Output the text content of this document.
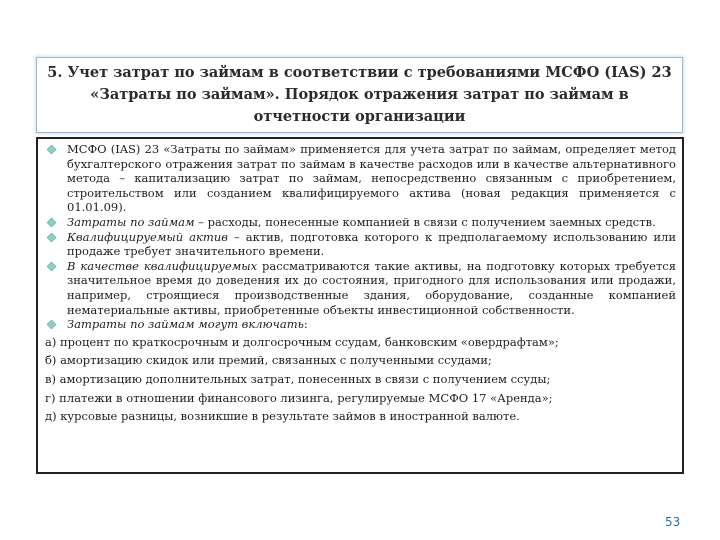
5. Учет затрат по займам в соответствии с требованиями МСФО (IAS) 23 «Затраты по займам». Порядок отражения затрат по займам в отчетности организации

МСФО (IAS) 23 «Затраты по займам» применяется для учета затрат по займам, определяет метод бухгалтерского отражения затрат по займам в качестве расходов или в качестве альтернативного метода – капитализацию затрат по займам, непосредственно связанным с приобретением, строительством или созданием квалифицируемого актива (новая редакция применяется с 01.01.09).

Затраты по займам – расходы, понесенные компанией в связи с получением заемных средств.

Квалифицируемый актив – актив, подготовка которого к предполагаемому использованию или продаже требует значительного времени.

В качестве квалифицируемых рассматриваются такие активы, на подготовку которых требуется значительное время до доведения их до состояния, пригодного для использования или продажи, например, строящиеся производственные здания, оборудование, созданные компанией нематериальные активы, приобретенные объекты инвестиционной собственности.

Затраты по займам могут включать:

а) процент по краткосрочным и долгосрочным ссудам, банковским «овердрафтам»;

б) амортизацию скидок или премий, связанных с полученными ссудами;

в) амортизацию дополнительных затрат, понесенных в связи с получением ссуды;

г) платежи в отношении финансового лизинга, регулируемые МСФО 17 «Аренда»;

д) курсовые разницы, возникшие в результате займов в иностранной валюте.

53
